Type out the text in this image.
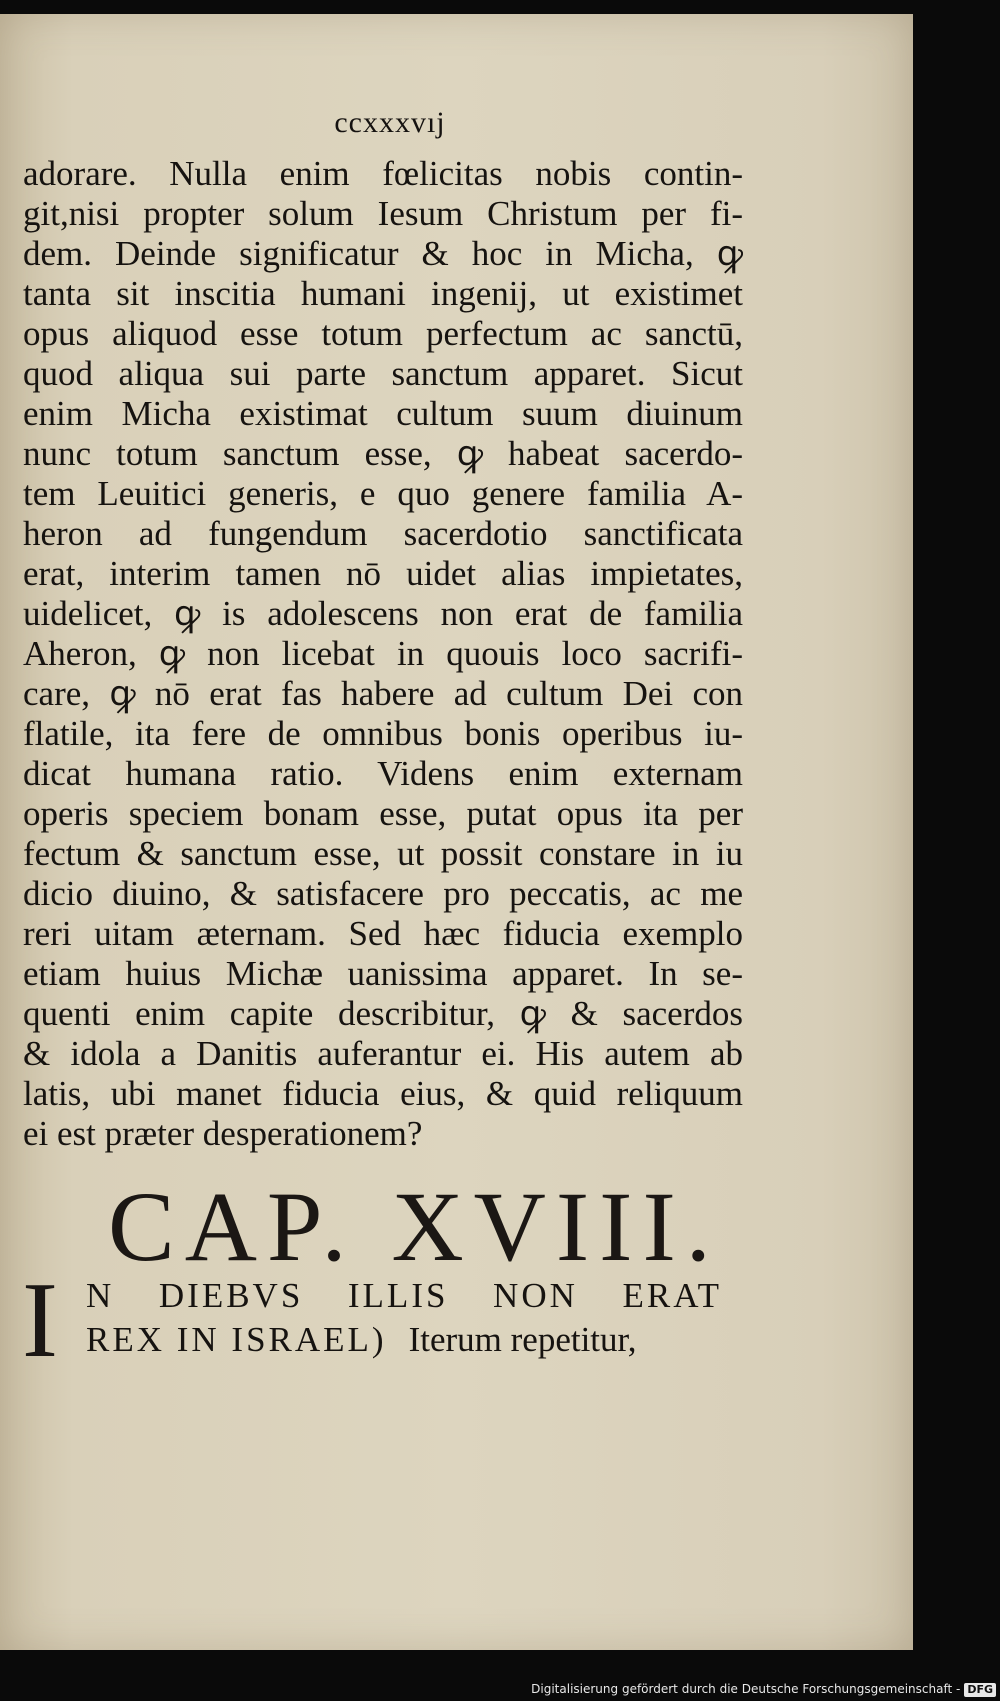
ccxxxvıj
adorare. Nulla enim fœlicitas nobis contin-
git,nisi propter solum Iesum Christum per fi-
dem. Deinde significatur & hoc in Micha, ꝙ
tanta sit inscitia humani ingenij, ut existimet
opus aliquod esse totum perfectum ac sanctū,
quod aliqua sui parte sanctum apparet. Sicut
enim Micha existimat cultum suum diuinum
nunc totum sanctum esse, ꝙ habeat sacerdo-
tem Leuitici generis, e quo genere familia A-
heron ad fungendum sacerdotio sanctificata
erat, interim tamen nō uidet alias impietates,
uidelicet, ꝙ is adolescens non erat de familia
Aheron, ꝙ non licebat in quouis loco sacrifi-
care, ꝙ nō erat fas habere ad cultum Dei con
flatile, ita fere de omnibus bonis operibus iu-
dicat humana ratio. Videns enim externam
operis speciem bonam esse, putat opus ita per
fectum & sanctum esse, ut possit constare in iu
dicio diuino, & satisfacere pro peccatis, ac me
reri uitam æternam. Sed hæc fiducia exemplo
etiam huius Michæ uanissima apparet. In se-
quenti enim capite describitur, ꝙ & sacerdos
& idola a Danitis auferantur ei. His autem ab
latis, ubi manet fiducia eius, & quid reliquum
ei est præter desperationem?
CAP. XVIII.
I N DIEBVS ILLIS NON ERAT
REX IN ISRAEL) Iterum repetitur,
Digitalisierung gefördert durch die Deutsche Forschungsgemeinschaft - DFG
